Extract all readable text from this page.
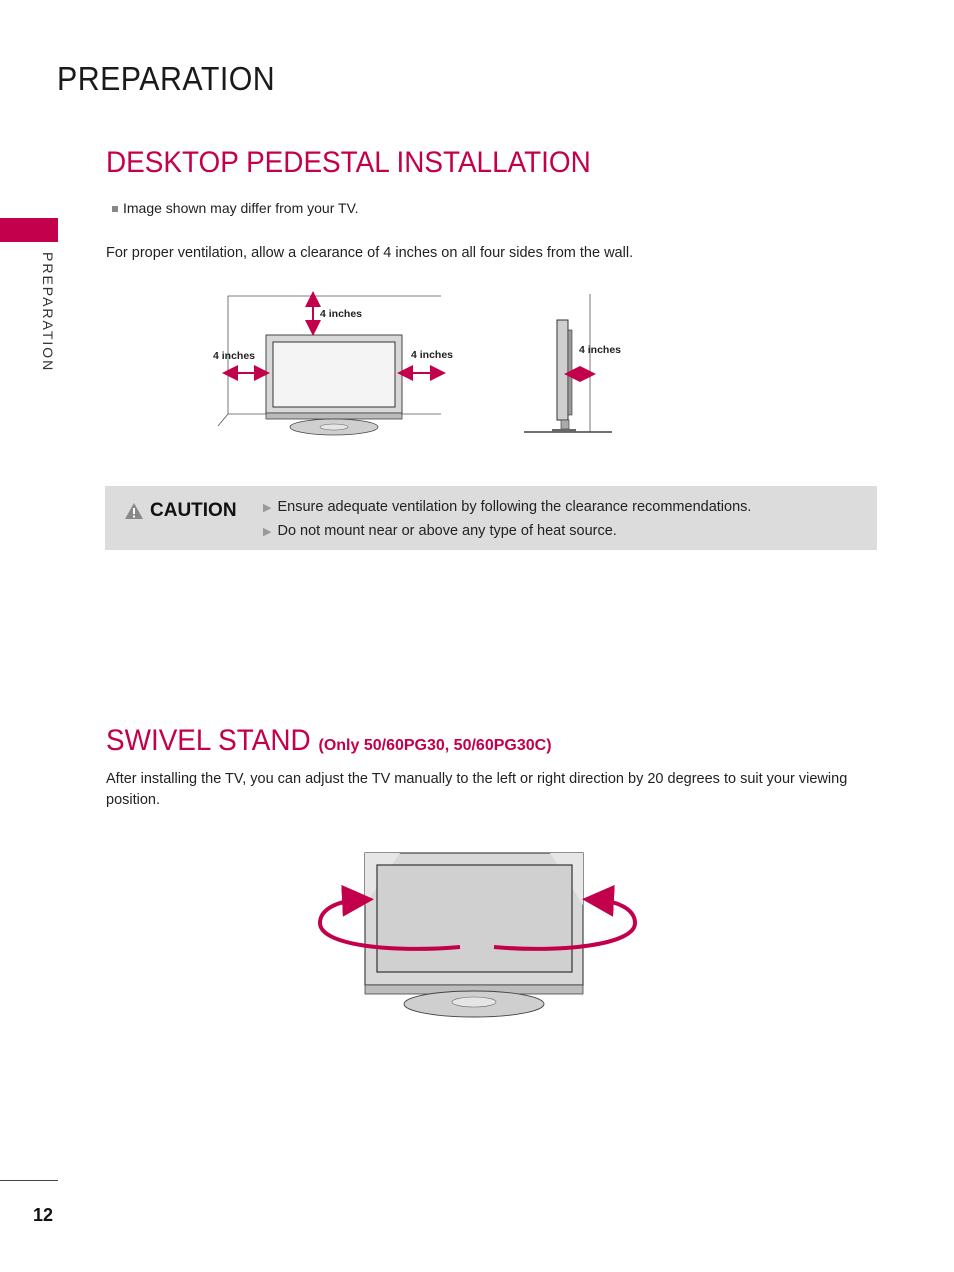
PREPARATION
PREPARATION
DESKTOP PEDESTAL INSTALLATION
Image shown may differ from your TV.
For proper ventilation, allow a clearance of 4 inches on all four sides from the wall.
4 inches
4 inches	4 inches	4 inches
CAUTION ▶ Ensure adequate ventilation by following the clearance recommendations.
▶ Do not mount near or above any type of heat source.
SWIVEL STAND (Only 50/60PG30, 50/60PG30C)
After installing the TV, you can adjust the TV manually to the left or right direction by 20 degrees to suit your viewing position.
12
